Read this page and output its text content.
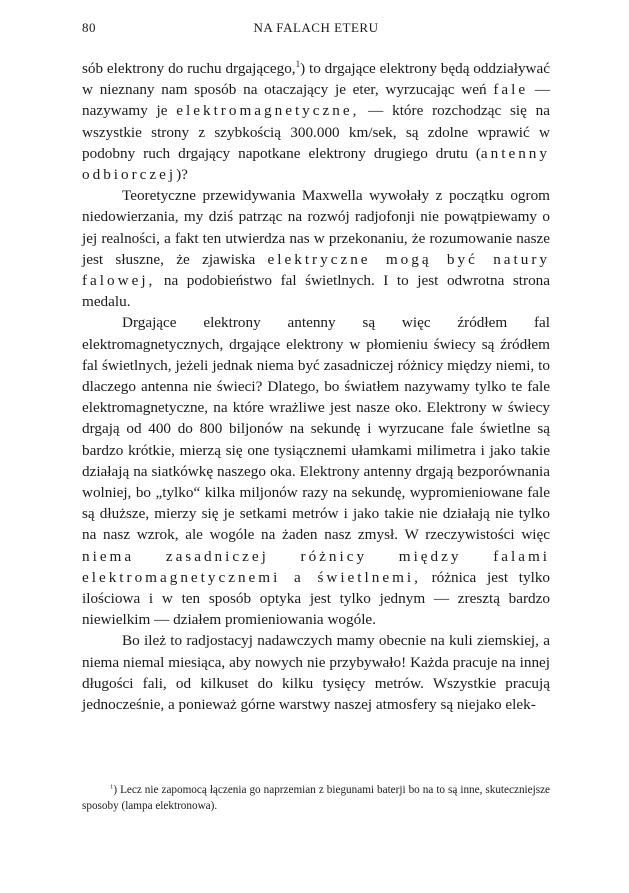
80	NA FALACH ETERU

sób elektrony do ruchu drgającego,$^1$) to drgające elektrony będą oddziaływać w nieznany nam sposób na otaczający je eter, wyrzucając weń fale — nazywamy je elektromagnetyczne, — które rozchodząc się na wszystkie strony z szybkością 300.000 km/sek, są zdolne wprawić w podobny ruch drgający napotkane elektrony drugiego drutu (antenny odbiorczej)?

Teoretyczne przewidywania Maxwella wywołały z początku ogrom niedowierzania, my dziś patrząc na rozwój radjofonji nie powątpiewamy o jej realności, a fakt ten utwierdza nas w przekonaniu, że rozumowanie nasze jest słuszne, że zjawiska elektryczne mogą być natury falowej, na podobieństwo fal świetlnych. I to jest odwrotna strona medalu.

Drgające elektrony antenny są więc źródłem fal elektromagnetycznych, drgające elektrony w płomieniu świecy są źródłem fal świetlnych, jeżeli jednak niema być zasadniczej różnicy między niemi, to dlaczego antenna nie świeci? Dlatego, bo światłem nazywamy tylko te fale elektromagnetyczne, na które wrażliwe jest nasze oko. Elektrony w świecy drgają od 400 do 800 biljonów na sekundę i wyrzucane fale świetlne są bardzo krótkie, mierzą się one tysiącznemi ułamkami milimetra i jako takie działają na siatkówkę naszego oka. Elektrony antenny drgają bezporównania wolniej, bo „tylko“ kilka miljonów razy na sekundę, wypromieniowane fale są dłuższe, mierzy się je setkami metrów i jako takie nie działają nie tylko na nasz wzrok, ale wogóle na żaden nasz zmysł. W rzeczywistości więc niema zasadniczej różnicy między falami elektromagnetycznemi a świetlnemi, różnica jest tylko ilościowa i w ten sposób optyka jest tylko jednym — zresztą bardzo niewielkim — działem promieniowania wogóle.

Bo ileż to radjostacyj nadawczych mamy obecnie na kuli ziemskiej, a niema niemal miesiąca, aby nowych nie przybywało! Każda pracuje na innej długości fali, od kilkuset do kilku tysięcy metrów. Wszystkie pracują jednocześnie, a ponieważ górne warstwy naszej atmosfery są niejako elek-

$^1$) Lecz nie zapomocą łączenia go naprzemian z biegunami baterji bo na to są inne, skuteczniejsze sposoby (lampa elektronowa).
